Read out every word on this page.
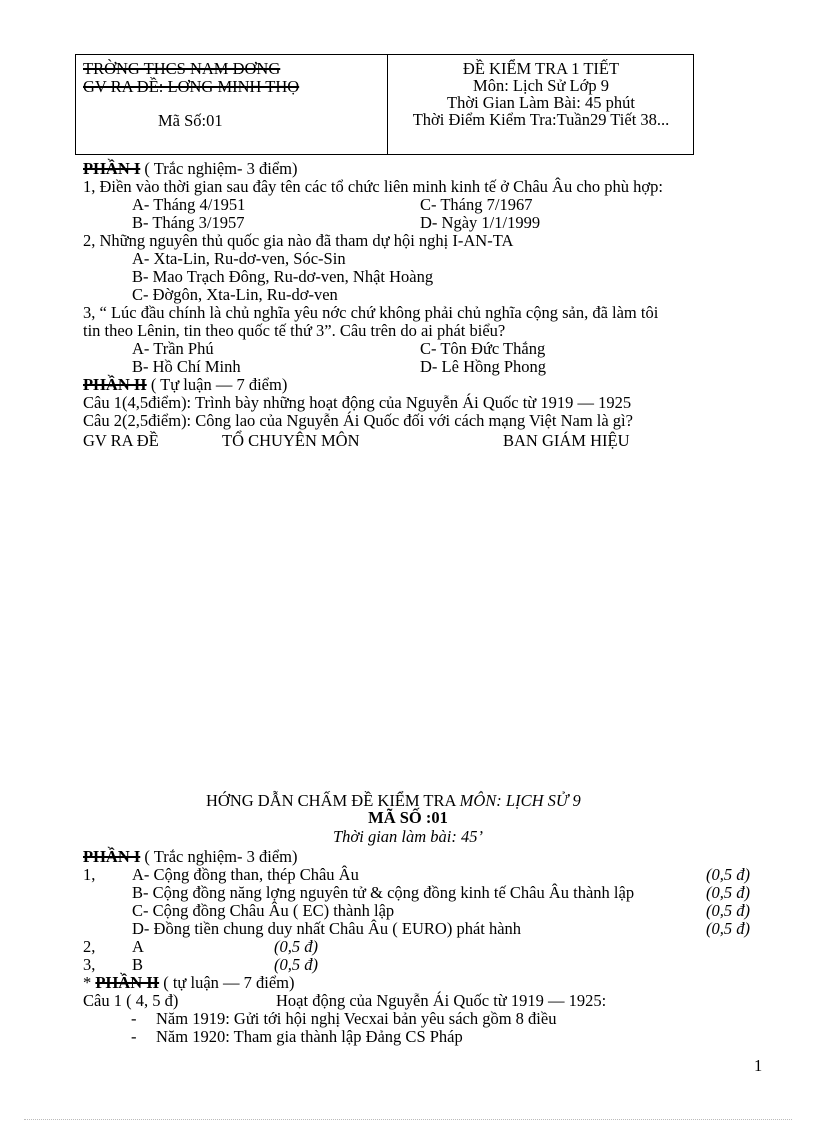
TRỜNG THCS NAM DƠNG
GV RA ĐỀ: LƠNG MINH THỌ
Mã Số:01
ĐỀ KIỂM TRA 1 TIẾT
Môn: Lịch Sử Lớp 9
Thời Gian Làm Bài: 45 phút
Thời Điểm Kiểm Tra:Tuần29 Tiết 38...
PHẦN I ( Trắc nghiệm- 3 điểm)
1, Điền vào thời gian sau đây tên các tổ chức liên minh kinh tế ở Châu Âu cho phù hợp:
A- Tháng 4/1951	C- Tháng 7/1967
B- Tháng 3/1957	D- Ngày 1/1/1999
2, Những nguyên thủ quốc gia nào đã tham dự hội nghị I-AN-TA
A- Xta-Lin, Ru-dơ-ven, Sóc-Sin
B- Mao Trạch Đông, Ru-dơ-ven, Nhật Hoàng
C- Đờgôn, Xta-Lin, Ru-dơ-ven
3, “ Lúc đầu chính là chủ nghĩa yêu nớc chứ không phải chủ nghĩa cộng sản, đã làm tôi
tin theo Lênin, tin theo quốc tế thứ 3”. Câu trên do ai phát biểu?
A- Trần Phú	C- Tôn Đức Thắng
B- Hồ Chí Minh	D- Lê Hồng Phong
PHẦN II ( Tự luận — 7 điểm)
Câu 1(4,5điểm): Trình bày những hoạt động của Nguyễn Ái Quốc từ 1919 — 1925
Câu 2(2,5điểm): Công lao của Nguyễn Ái Quốc đối với cách mạng Việt Nam là gì?
GV RA ĐỀ	TỔ CHUYÊN MÔN	BAN GIÁM HIỆU
HỚNG DẪN CHẤM ĐỀ KIỂM TRA MÔN: LỊCH SỬ 9
MÃ SỐ :01
Thời gian làm bài: 45’
PHẦN I ( Trắc nghiệm- 3 điểm)
1, A- Cộng đồng than, thép Châu Âu	(0,5 đ)
B- Cộng đồng năng lợng nguyên tử & cộng đồng kinh tế Châu Âu thành lập	(0,5 đ)
C- Cộng đồng Châu Âu ( EC) thành lập	(0,5 đ)
D- Đồng tiền chung duy nhất Châu Âu ( EURO) phát hành	(0,5 đ)
2, A	(0,5 đ)
3, B	(0,5 đ)
* PHẦN II ( tự luận — 7 điểm)
Câu 1 ( 4, 5 đ)	Hoạt động của Nguyễn Ái Quốc từ 1919 — 1925:
- Năm 1919: Gửi tới hội nghị Vecxai bản yêu sách gồm 8 điều
- Năm 1920: Tham gia thành lập Đảng CS Pháp
1
